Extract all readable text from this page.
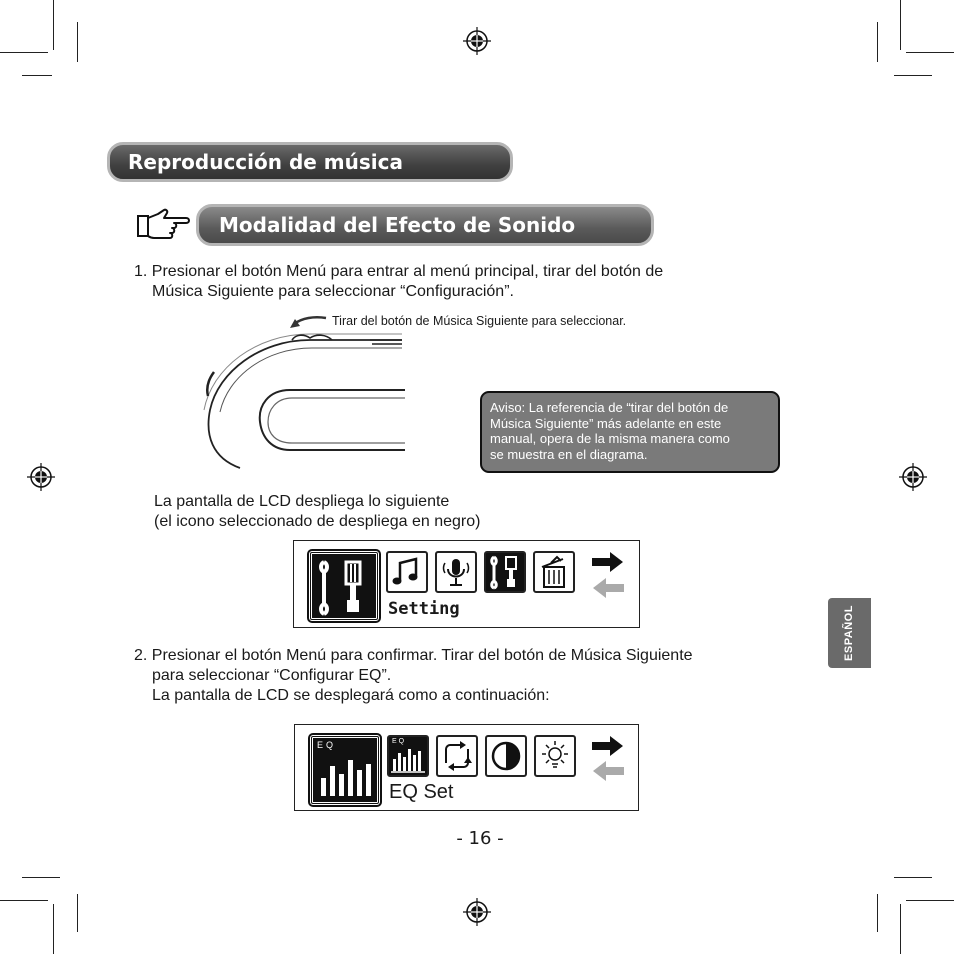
Reproducción de música
Modalidad del Efecto de Sonido
1. Presionar el botón Menú para entrar al menú principal, tirar del botón de
Música Siguiente para seleccionar “Configuración”.
Tirar del botón de Música Siguiente para seleccionar.
Aviso: La referencia de “tirar del botón de
Música Siguiente” más adelante en este
manual, opera de la misma manera como
se muestra en el diagrama.
La pantalla de LCD despliega lo siguiente
(el icono seleccionado de despliega en negro)
Setting
2. Presionar el botón Menú para confirmar. Tirar del botón de Música Siguiente
para seleccionar “Configurar EQ”.
La pantalla de LCD se desplegará como a continuación:
EQ	EQ
EQ Set
- 16 -
ESPAÑOL
